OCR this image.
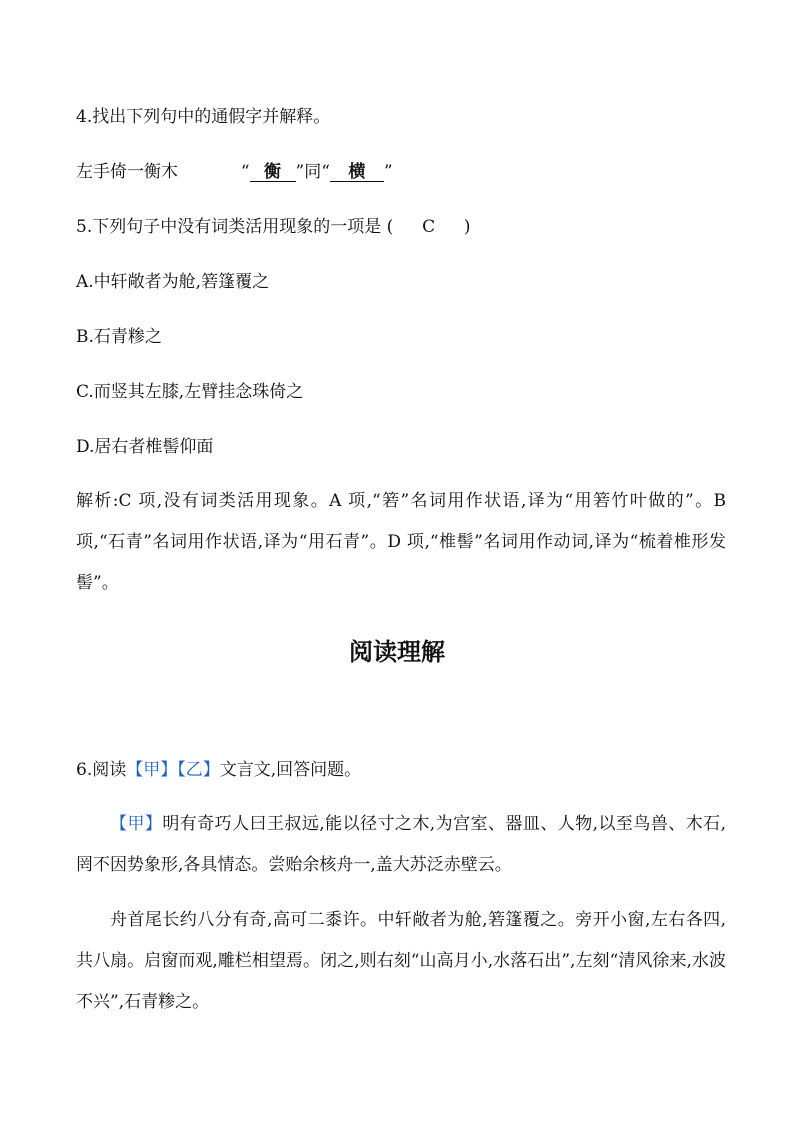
4.找出下列句中的通假字并解释。
左手倚一衡木	“ 衡 ”同“ 横 ”
5.下列句子中没有词类活用现象的一项是 ( C )
A.中轩敞者为舱,箬篷覆之
B.石青糁之
C.而竖其左膝,左臂挂念珠倚之
D.居右者椎髻仰面
解析:C 项,没有词类活用现象。A 项,“箬”名词用作状语,译为“用箬竹叶做的”。B 项,“石青”名词用作状语,译为“用石青”。D 项,“椎髻”名词用作动词,译为“梳着椎形发髻”。
阅读理解
6.阅读【甲】【乙】文言文,回答问题。
【甲】明有奇巧人曰王叔远,能以径寸之木,为宫室、器皿、人物,以至鸟兽、木石,罔不因势象形,各具情态。尝贻余核舟一,盖大苏泛赤壁云。
舟首尾长约八分有奇,高可二黍许。中轩敞者为舱,箬篷覆之。旁开小窗,左右各四,共八扇。启窗而观,雕栏相望焉。闭之,则右刻“山高月小,水落石出”,左刻“清风徐来,水波不兴”,石青糁之。
